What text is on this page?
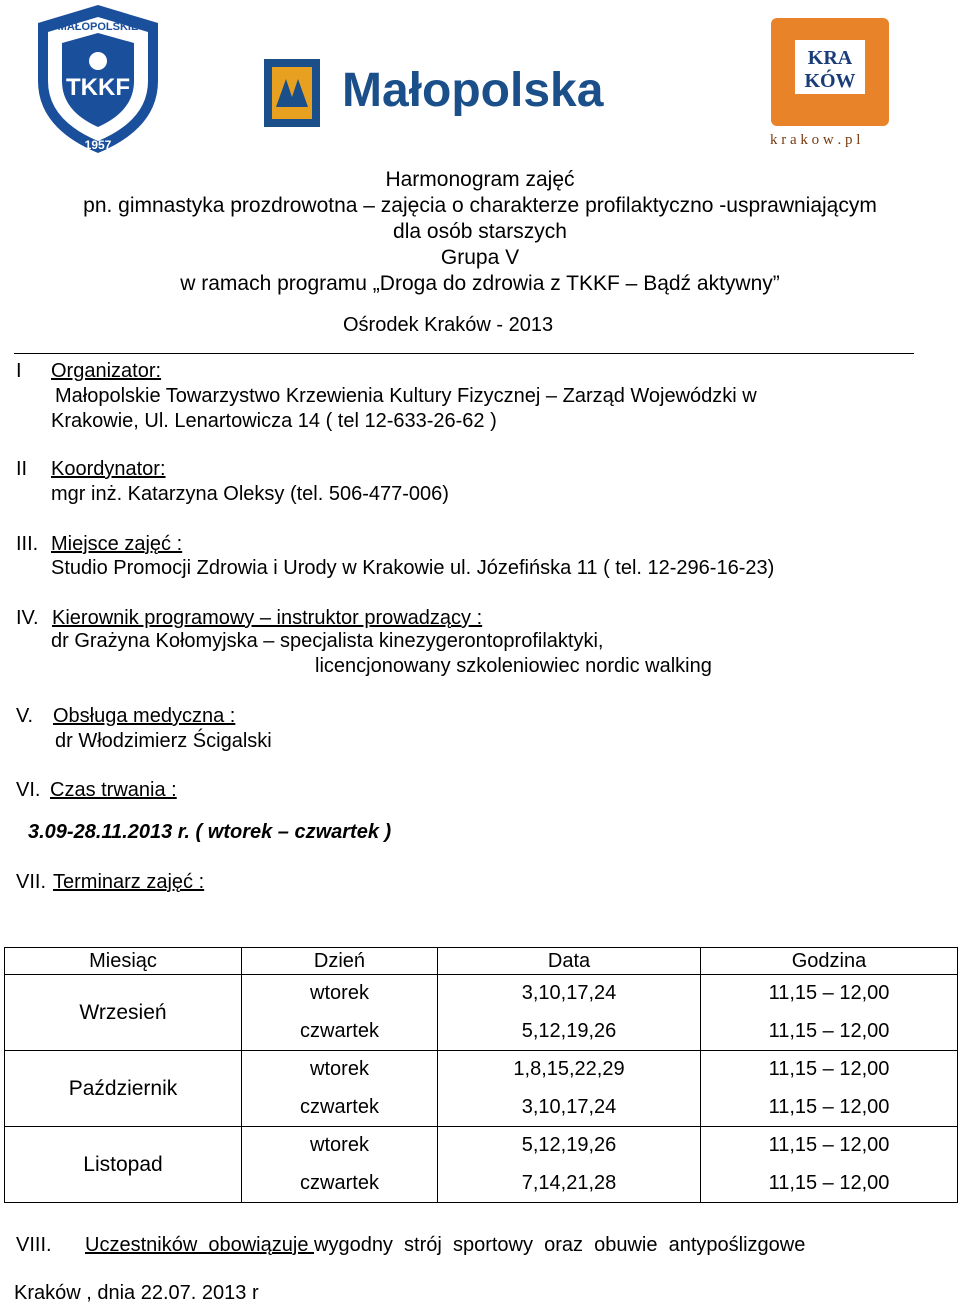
MAŁOPOLSKIE
TKKF
1957
Małopolska
KRA
KÓW
k r a k o w . p l
Harmonogram zajęć
pn. gimnastyka prozdrowotna – zajęcia o charakterze profilaktyczno -usprawniającym
dla osób starszych
Grupa V
w ramach programu „Droga do zdrowia z TKKF – Bądź aktywny”
Ośrodek Kraków - 2013
I Organizator:
Małopolskie Towarzystwo Krzewienia Kultury Fizycznej – Zarząd Wojewódzki w
Krakowie, Ul. Lenartowicza 14 ( tel 12-633-26-62 )
II Koordynator:
mgr inż. Katarzyna Oleksy (tel. 506-477-006)
III. Miejsce zajęć :
Studio Promocji Zdrowia i Urody w Krakowie ul. Józefińska 11 ( tel. 12-296-16-23)
IV. Kierownik programowy – instruktor prowadzący :
dr Grażyna Kołomyjska – specjalista kinezygerontoprofilaktyki,
licencjonowany szkoleniowiec nordic walking
V. Obsługa medyczna :
dr Włodzimierz Ścigalski
VI. Czas trwania :
3.09-28.11.2013 r. ( wtorek – czwartek )
VII. Terminarz zajęć :
Miesiąc	Dzień	Data	Godzina
Wrzesień	wtorek	3,10,17,24	11,15 – 12,00
	czwartek	5,12,19,26	11,15 – 12,00
Październik	wtorek	1,8,15,22,29	11,15 – 12,00
	czwartek	3,10,17,24	11,15 – 12,00
Listopad	wtorek	5,12,19,26	11,15 – 12,00
	czwartek	7,14,21,28	11,15 – 12,00
VIII. Uczestników  obowiązuje wygodny  strój  sportowy  oraz  obuwie  antypoślizgowe
Kraków , dnia 22.07. 2013 r
